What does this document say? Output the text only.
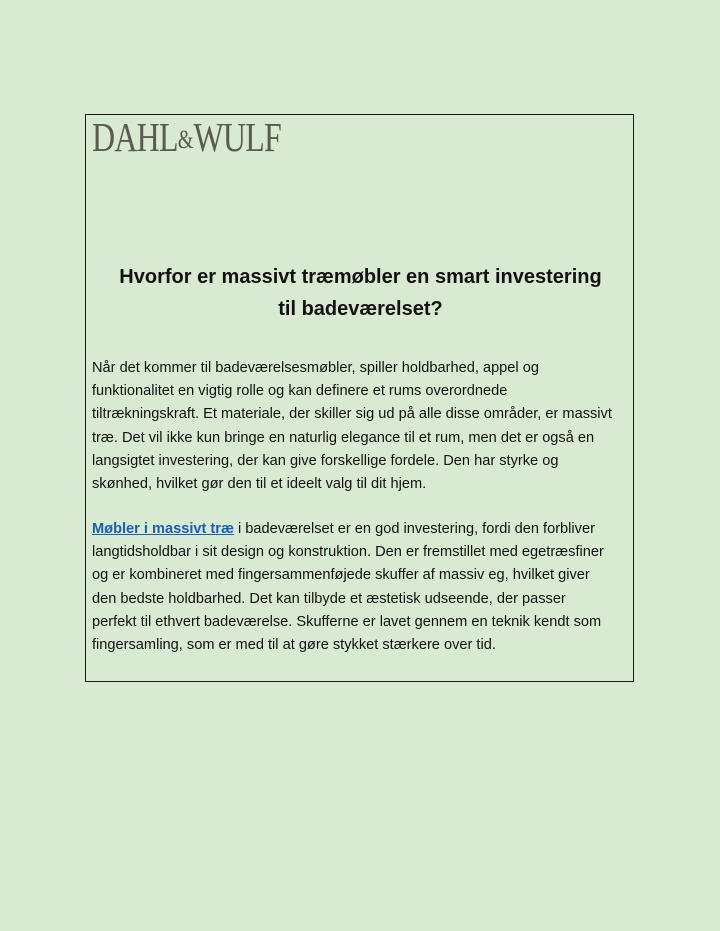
DAHL&WULF
Hvorfor er massivt træmøbler en smart investering
til badeværelset?

Når det kommer til badeværelsesmøbler, spiller holdbarhed, appel og
funktionalitet en vigtig rolle og kan definere et rums overordnede
tiltrækningskraft. Et materiale, der skiller sig ud på alle disse områder, er massivt
træ. Det vil ikke kun bringe en naturlig elegance til et rum, men det er også en
langsigtet investering, der kan give forskellige fordele. Den har styrke og
skønhed, hvilket gør den til et ideelt valg til dit hjem.

Møbler i massivt træ i badeværelset er en god investering, fordi den forbliver
langtidsholdbar i sit design og konstruktion. Den er fremstillet med egetræsfiner
og er kombineret med fingersammenføjede skuffer af massiv eg, hvilket giver
den bedste holdbarhed. Det kan tilbyde et æstetisk udseende, der passer
perfekt til ethvert badeværelse. Skufferne er lavet gennem en teknik kendt som
fingersamling, som er med til at gøre stykket stærkere over tid.
